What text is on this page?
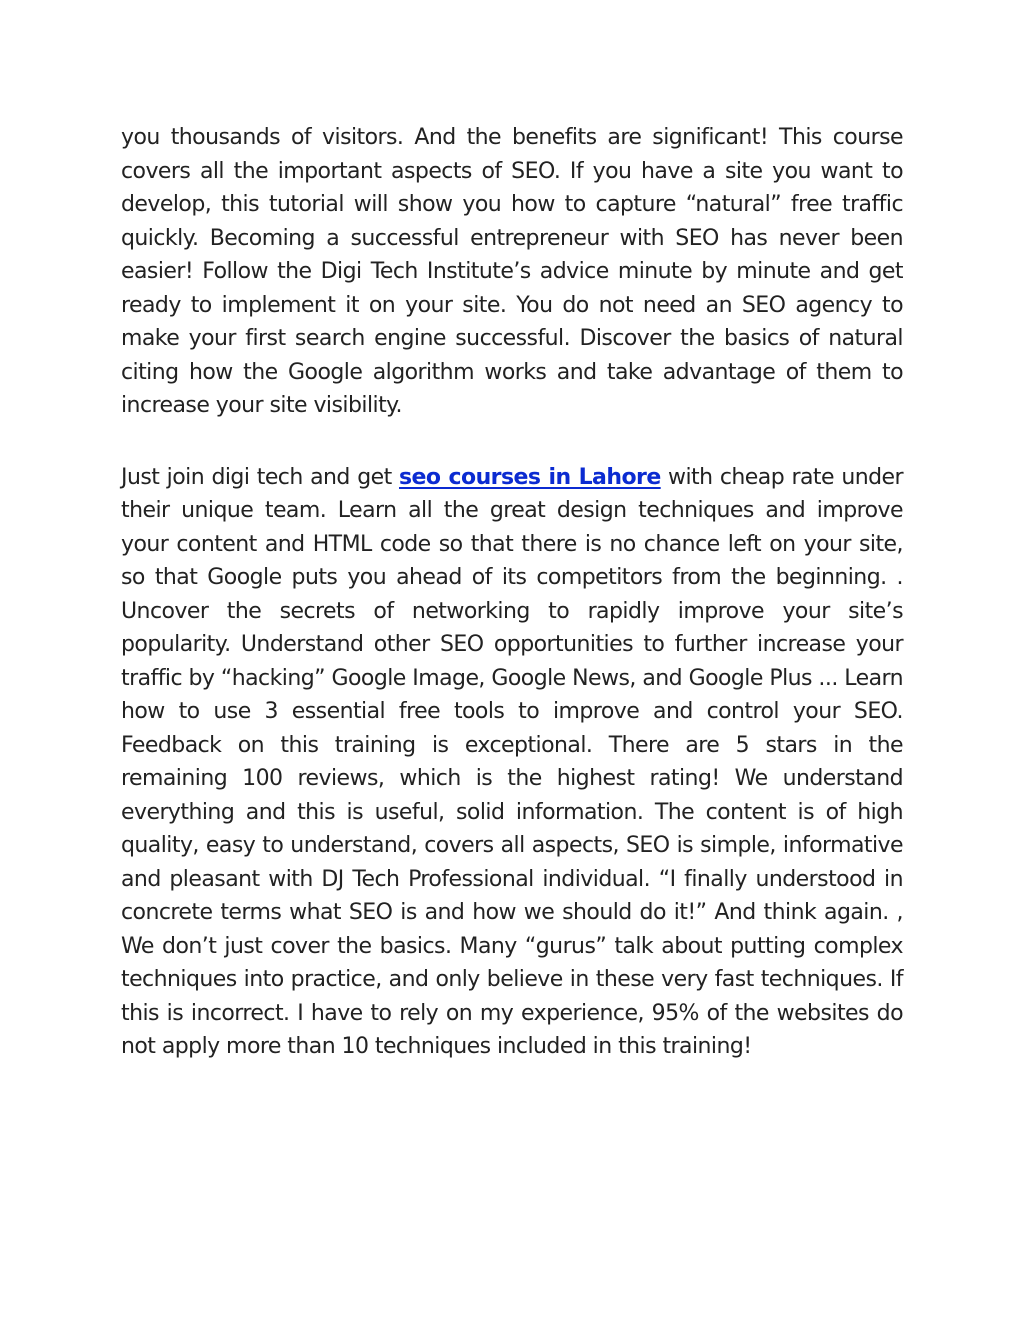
you thousands of visitors. And the benefits are significant! This course covers all the important aspects of SEO. If you have a site you want to develop, this tutorial will show you how to capture “natural” free traffic quickly. Becoming a successful entrepreneur with SEO has never been easier! Follow the Digi Tech Institute’s advice minute by minute and get ready to implement it on your site. You do not need an SEO agency to make your first search engine successful. Discover the basics of natural citing how the Google algorithm works and take advantage of them to increase your site visibility.

Just join digi tech and get seo courses in Lahore with cheap rate under their unique team. Learn all the great design techniques and improve your content and HTML code so that there is no chance left on your site, so that Google puts you ahead of its competitors from the beginning. . Uncover the secrets of networking to rapidly improve your site’s popularity. Understand other SEO opportunities to further increase your traffic by “hacking” Google Image, Google News, and Google Plus ... Learn how to use 3 essential free tools to improve and control your SEO. Feedback on this training is exceptional. There are 5 stars in the remaining 100 reviews, which is the highest rating! We understand everything and this is useful, solid information. The content is of high quality, easy to understand, covers all aspects, SEO is simple, informative and pleasant with DJ Tech Professional individual. “I finally understood in concrete terms what SEO is and how we should do it!” And think again. , We don’t just cover the basics. Many “gurus” talk about putting complex techniques into practice, and only believe in these very fast techniques. If this is incorrect. I have to rely on my experience, 95% of the websites do not apply more than 10 techniques included in this training!
